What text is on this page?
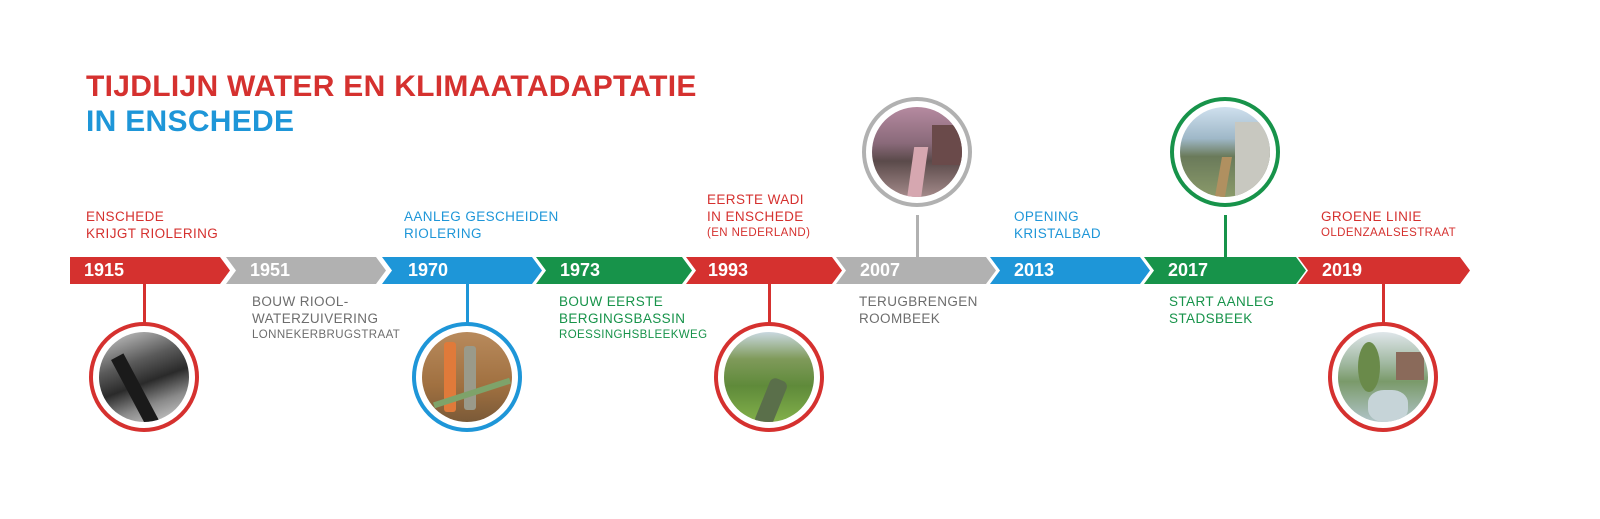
TIJDLIJN WATER EN KLIMAATADAPTATIE
IN ENSCHEDE
1915
ENSCHEDE
KRIJGT RIOLERING
1951
BOUW RIOOL-
WATERZUIVERING
LONNEKERBRUGSTRAAT
1970
AANLEG GESCHEIDEN
RIOLERING
1973
BOUW EERSTE
BERGINGSBASSIN
ROESSINGHSBLEEKWEG
1993
EERSTE WADI
IN ENSCHEDE
(EN NEDERLAND)
2007
TERUGBRENGEN
ROOMBEEK
2013
OPENING
KRISTALBAD
2017
START AANLEG
STADSBEEK
2019
GROENE LINIE
OLDENZAALSESTRAAT
